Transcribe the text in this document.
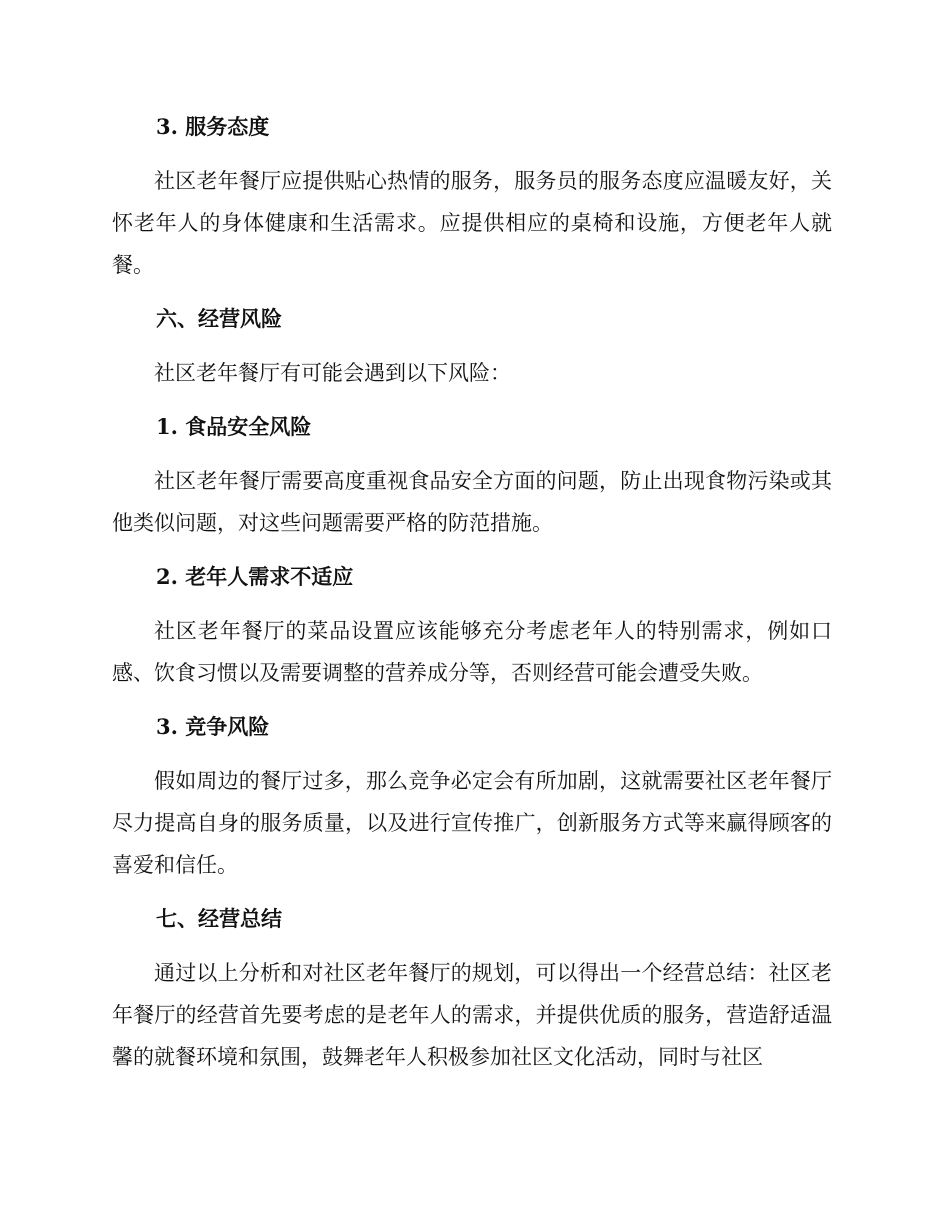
3. 服务态度
社区老年餐厅应提供贴心热情的服务，服务员的服务态度应温暖友好，关怀老年人的身体健康和生活需求。应提供相应的桌椅和设施，方便老年人就餐。
六、经营风险
社区老年餐厅有可能会遇到以下风险：
1. 食品安全风险
社区老年餐厅需要高度重视食品安全方面的问题，防止出现食物污染或其他类似问题，对这些问题需要严格的防范措施。
2. 老年人需求不适应
社区老年餐厅的菜品设置应该能够充分考虑老年人的特别需求，例如口感、饮食习惯以及需要调整的营养成分等，否则经营可能会遭受失败。
3. 竞争风险
假如周边的餐厅过多，那么竞争必定会有所加剧，这就需要社区老年餐厅尽力提高自身的服务质量，以及进行宣传推广，创新服务方式等来赢得顾客的喜爱和信任。
七、经营总结
通过以上分析和对社区老年餐厅的规划，可以得出一个经营总结：社区老年餐厅的经营首先要考虑的是老年人的需求，并提供优质的服务，营造舒适温馨的就餐环境和氛围，鼓舞老年人积极参加社区文化活动，同时与社区
